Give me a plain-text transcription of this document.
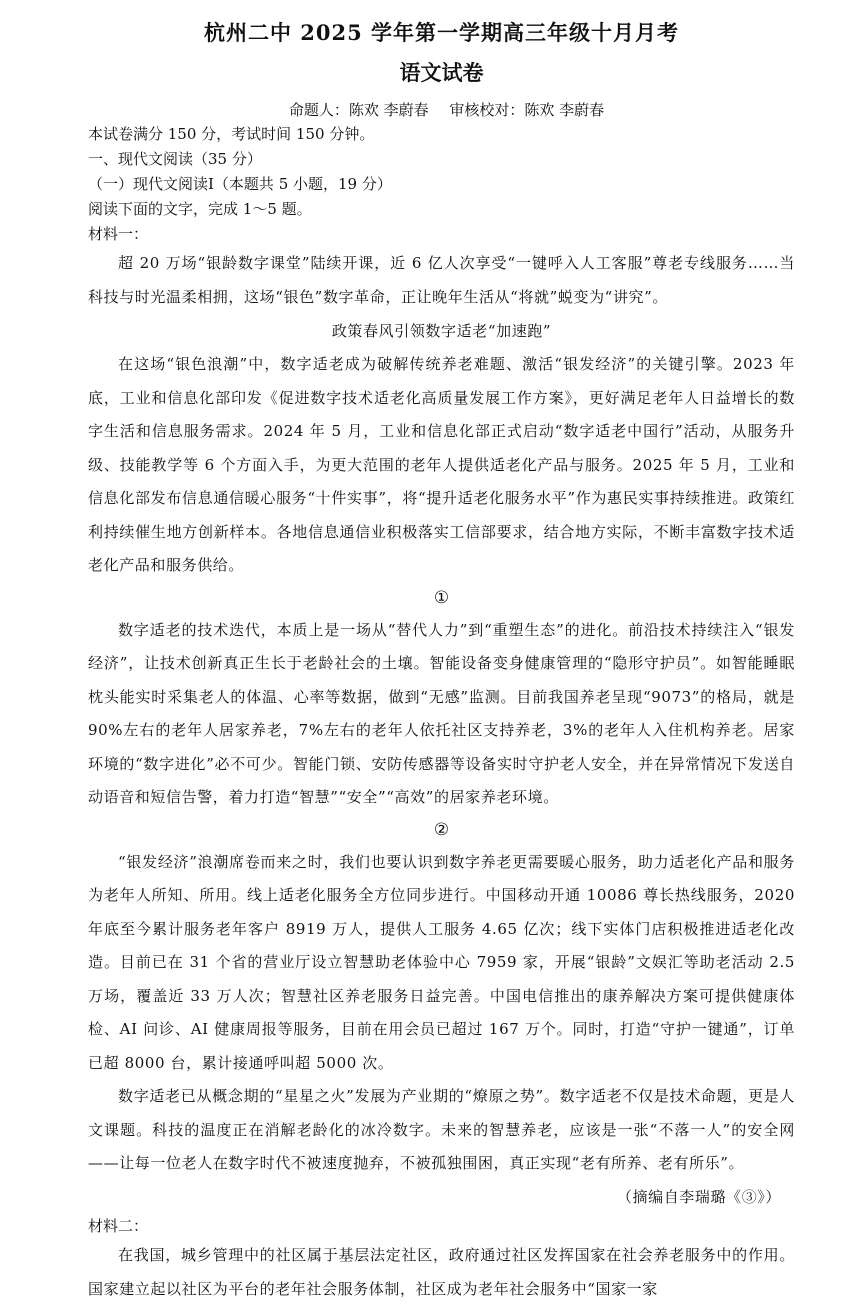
杭州二中 2025 学年第一学期高三年级十月月考
语文试卷
命题人：陈欢 李蔚春 审核校对：陈欢 李蔚春

本试卷满分 150 分，考试时间 150 分钟。

一、现代文阅读（35 分）

（一）现代文阅读Ⅰ（本题共 5 小题，19 分）

阅读下面的文字，完成 1～5 题。

材料一：

超 20 万场“银龄数字课堂”陆续开课，近 6 亿人次享受“一键呼入人工客服”尊老专线服务……当科技与时光温柔相拥，这场“银色”数字革命，正让晚年生活从“将就”蜕变为“讲究”。

政策春风引领数字适老“加速跑”

在这场“银色浪潮”中，数字适老成为破解传统养老难题、激活“银发经济”的关键引擎。2023 年底，工业和信息化部印发《促进数字技术适老化高质量发展工作方案》，更好满足老年人日益增长的数字生活和信息服务需求。2024 年 5 月，工业和信息化部正式启动“数字适老中国行”活动，从服务升级、技能教学等 6 个方面入手，为更大范围的老年人提供适老化产品与服务。2025 年 5 月，工业和信息化部发布信息通信暖心服务“十件实事”，将“提升适老化服务水平”作为惠民实事持续推进。政策红利持续催生地方创新样本。各地信息通信业积极落实工信部要求，结合地方实际，不断丰富数字技术适老化产品和服务供给。

①

数字适老的技术迭代，本质上是一场从“替代人力”到“重塑生态”的进化。前沿技术持续注入“银发经济”，让技术创新真正生长于老龄社会的土壤。智能设备变身健康管理的“隐形守护员”。如智能睡眠枕头能实时采集老人的体温、心率等数据，做到“无感”监测。目前我国养老呈现“9073”的格局，就是 90%左右的老年人居家养老，7%左右的老年人依托社区支持养老，3%的老年人入住机构养老。居家环境的“数字进化”必不可少。智能门锁、安防传感器等设备实时守护老人安全，并在异常情况下发送自动语音和短信告警，着力打造“智慧”“安全”“高效”的居家养老环境。

②

“银发经济”浪潮席卷而来之时，我们也要认识到数字养老更需要暖心服务，助力适老化产品和服务为老年人所知、所用。线上适老化服务全方位同步进行。中国移动开通 10086 尊长热线服务，2020 年底至今累计服务老年客户 8919 万人，提供人工服务 4.65 亿次；线下实体门店积极推进适老化改造。目前已在 31 个省的营业厅设立智慧助老体验中心 7959 家，开展“银龄”文娱汇等助老活动 2.5 万场，覆盖近 33 万人次；智慧社区养老服务日益完善。中国电信推出的康养解决方案可提供健康体检、AI 问诊、AI 健康周报等服务，目前在用会员已超过 167 万个。同时，打造“守护一键通”，订单已超 8000 台，累计接通呼叫超 5000 次。

数字适老已从概念期的“星星之火”发展为产业期的“燎原之势”。数字适老不仅是技术命题，更是人文课题。科技的温度正在消解老龄化的冰冷数字。未来的智慧养老，应该是一张“不落一人”的安全网——让每一位老人在数字时代不被速度抛弃，不被孤独围困，真正实现“老有所养、老有所乐”。

（摘编自李瑞璐《③》）

材料二：

在我国，城乡管理中的社区属于基层法定社区，政府通过社区发挥国家在社会养老服务中的作用。国家建立起以社区为平台的老年社会服务体制，社区成为老年社会服务中“国家一家
